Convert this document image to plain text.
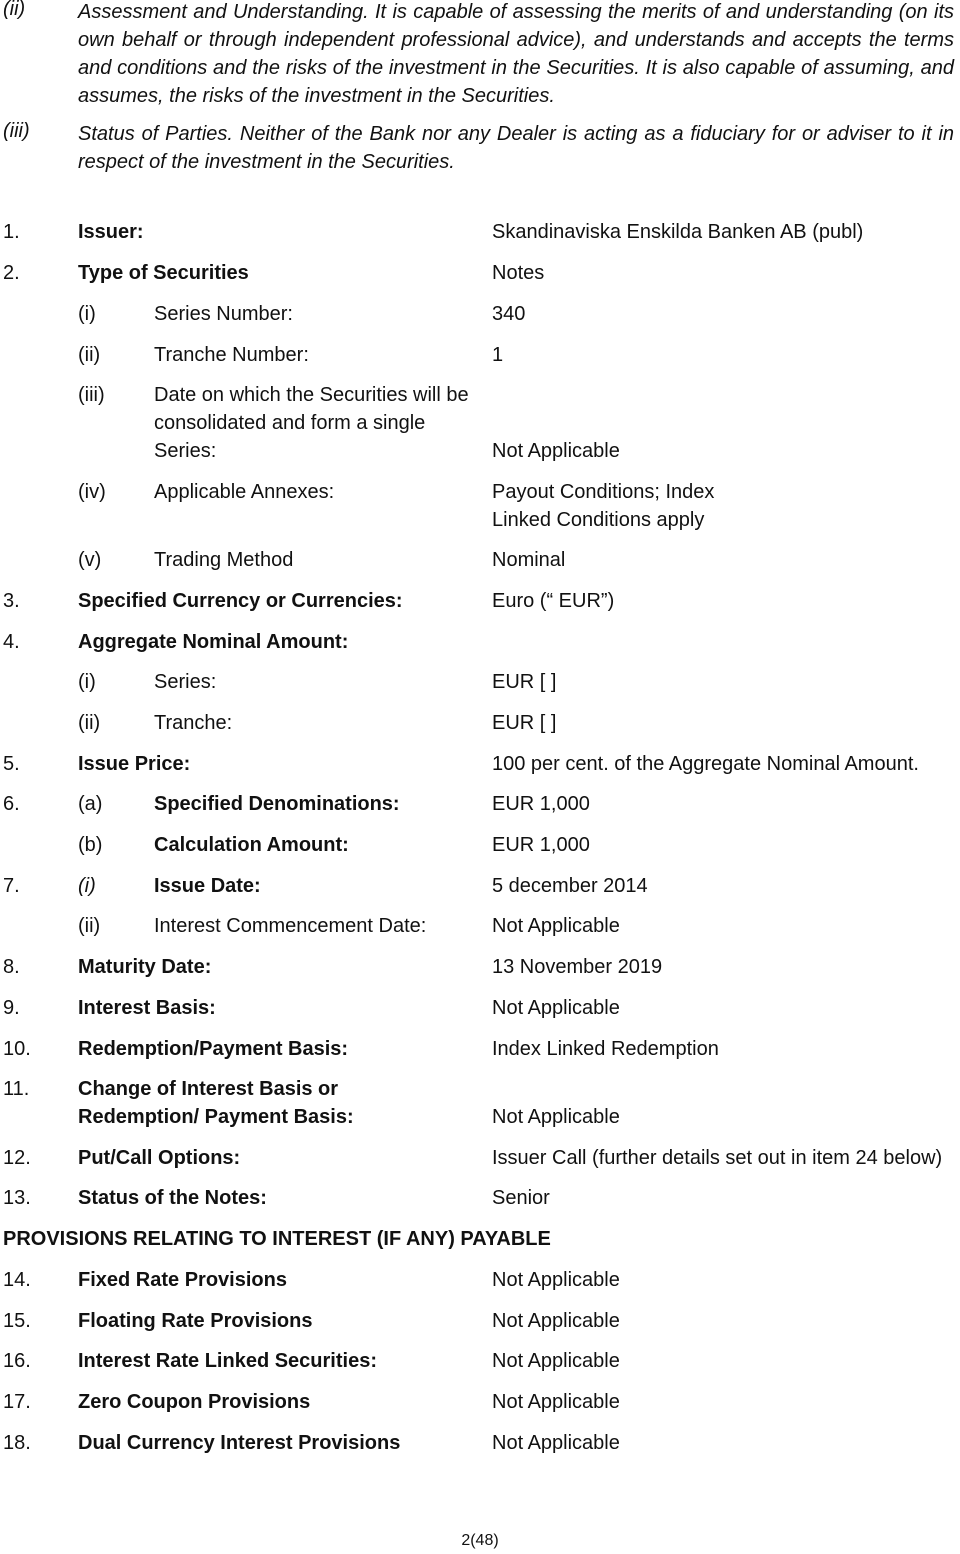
(ii)	Assessment and Understanding. It is capable of assessing the merits of and understanding (on its own behalf or through independent professional advice), and understands and accepts the terms and conditions and the risks of the investment in the Securities. It is also capable of assuming, and assumes, the risks of the investment in the Securities.
(iii) Status of Parties. Neither of the Bank nor any Dealer is acting as a fiduciary for or adviser to it in respect of the investment in the Securities.
1.	Issuer:	Skandinaviska Enskilda Banken AB (publ)
2.	Type of Securities	Notes
(i)	Series Number:	340
(ii)	Tranche Number:	1
(iii) Date on which the Securities will be consolidated and form a single Series:	Not Applicable
(iv) Applicable Annexes:	Payout Conditions; Index Linked Conditions apply
(v)	Trading Method	Nominal
3.	Specified Currency or Currencies:	Euro (“ EUR”)
4.	Aggregate Nominal Amount:
(i)	Series:	EUR [ ]
(ii)	Tranche:	EUR [ ]
5.	Issue Price:	100 per cent. of the Aggregate Nominal Amount.
6.	(a)	Specified Denominations:	EUR 1,000
(b)	Calculation Amount:	EUR 1,000
7.	(i)	Issue Date:	5 december 2014
(ii)	Interest Commencement Date:	Not Applicable
8.	Maturity Date:	13 November 2019
9.	Interest Basis:	Not Applicable
10. Redemption/Payment Basis:	Index Linked Redemption
11. Change of Interest Basis or Redemption/ Payment Basis:	Not Applicable
12. Put/Call Options:	Issuer Call (further details set out in item 24 below)
13. Status of the Notes:	Senior
PROVISIONS RELATING TO INTEREST (IF ANY) PAYABLE
14. Fixed Rate Provisions	Not Applicable
15. Floating Rate Provisions	Not Applicable
16. Interest Rate Linked Securities:	Not Applicable
17. Zero Coupon Provisions	Not Applicable
18. Dual Currency Interest Provisions	Not Applicable
2(48)
